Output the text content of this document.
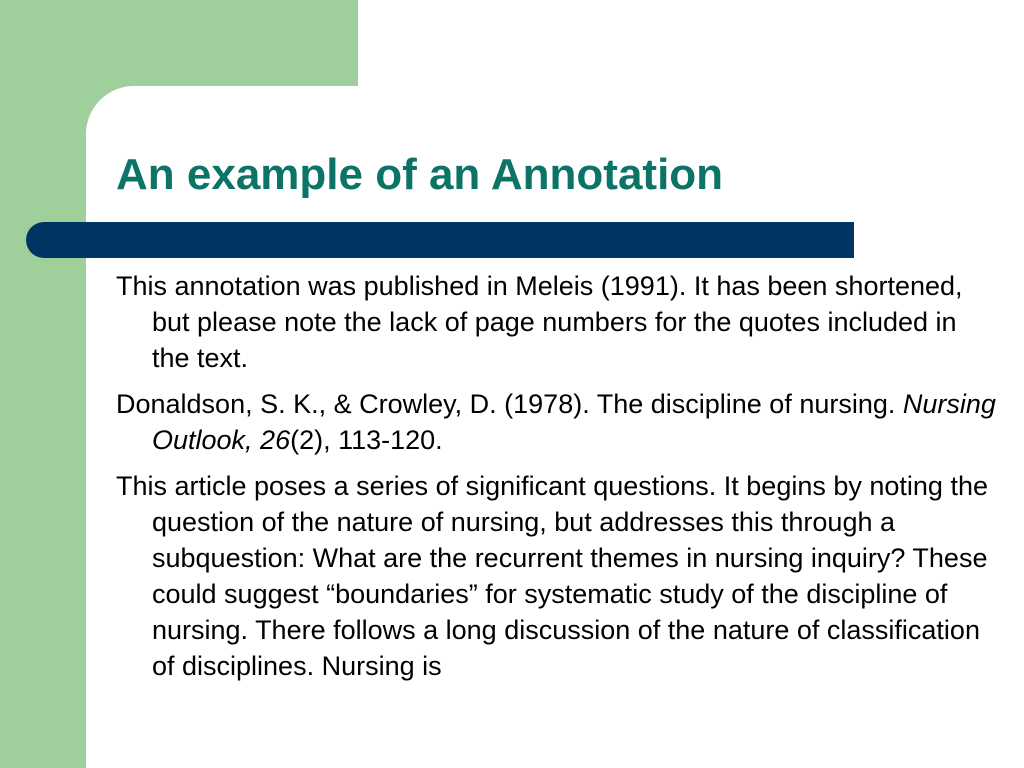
An example of an Annotation

This annotation was published in Meleis (1991). It has been shortened, but please note the lack of page numbers for the quotes included in the text.

Donaldson, S. K., & Crowley, D. (1978). The discipline of nursing. Nursing Outlook, 26(2), 113-120.

This article poses a series of significant questions. It begins by noting the question of the nature of nursing, but addresses this through a subquestion: What are the recurrent themes in nursing inquiry? These could suggest “boundaries” for systematic study of the discipline of nursing. There follows a long discussion of the nature of classification of disciplines. Nursing is
